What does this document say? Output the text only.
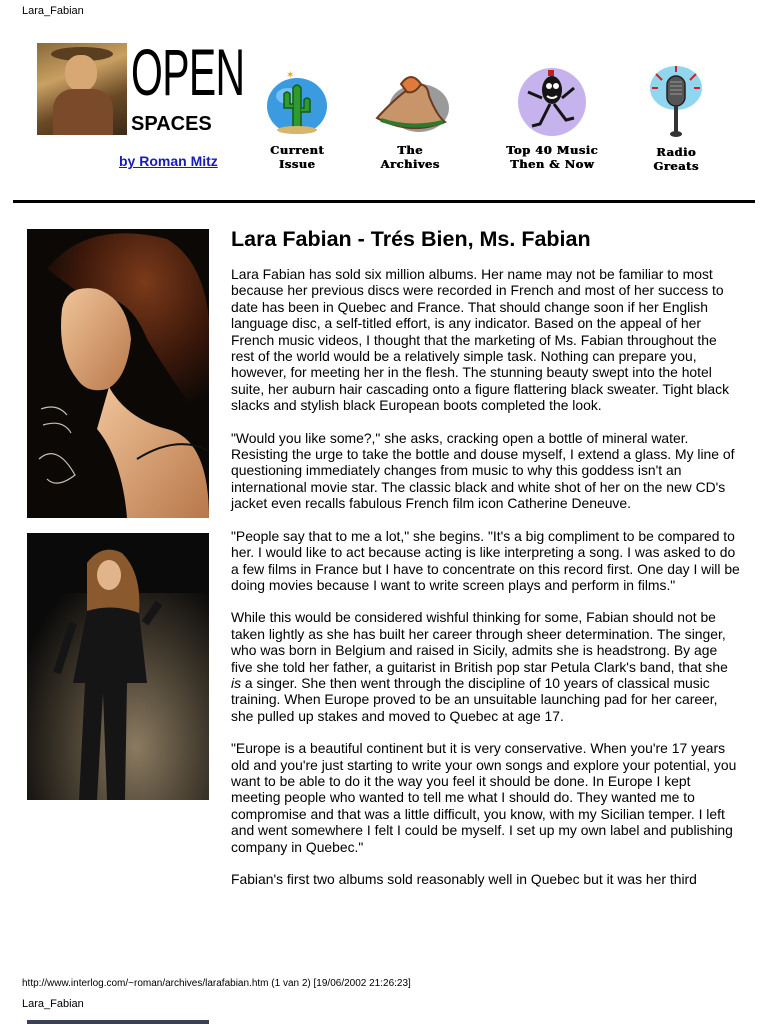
Lara_Fabian
OPEN
SPACES
by Roman Mitz
✶
Current
Issue
The
Archives
Top 40 Music
Then & Now
Radio
Greats
Lara Fabian - Trés Bien, Ms. Fabian

Lara Fabian has sold six million albums. Her name may not be familiar to most because her previous discs were recorded in French and most of her success to date has been in Quebec and France. That should change soon if her English language disc, a self-titled effort, is any indicator. Based on the appeal of her French music videos, I thought that the marketing of Ms. Fabian throughout the rest of the world would be a relatively simple task. Nothing can prepare you, however, for meeting her in the flesh. The stunning beauty swept into the hotel suite, her auburn hair cascading onto a figure flattering black sweater. Tight black slacks and stylish black European boots completed the look.

"Would you like some?," she asks, cracking open a bottle of mineral water. Resisting the urge to take the bottle and douse myself, I extend a glass. My line of questioning immediately changes from music to why this goddess isn't an international movie star. The classic black and white shot of her on the new CD's jacket even recalls fabulous French film icon Catherine Deneuve.

"People say that to me a lot," she begins. "It's a big compliment to be compared to her. I would like to act because acting is like interpreting a song. I was asked to do a few films in France but I have to concentrate on this record first. One day I will be doing movies because I want to write screen plays and perform in films."

While this would be considered wishful thinking for some, Fabian should not be taken lightly as she has built her career through sheer determination. The singer, who was born in Belgium and raised in Sicily, admits she is headstrong. By age five she told her father, a guitarist in British pop star Petula Clark's band, that she is a singer. She then went through the discipline of 10 years of classical music training. When Europe proved to be an unsuitable launching pad for her career, she pulled up stakes and moved to Quebec at age 17.

"Europe is a beautiful continent but it is very conservative. When you're 17 years old and you're just starting to write your own songs and explore your potential, you want to be able to do it the way you feel it should be done. In Europe I kept meeting people who wanted to tell me what I should do. They wanted me to compromise and that was a little difficult, you know, with my Sicilian temper. I left and went somewhere I felt I could be myself. I set up my own label and publishing company in Quebec."

Fabian's first two albums sold reasonably well in Quebec but it was her third

http://www.interlog.com/~roman/archives/larafabian.htm (1 van 2) [19/06/2002 21:26:23]
Lara_Fabian
